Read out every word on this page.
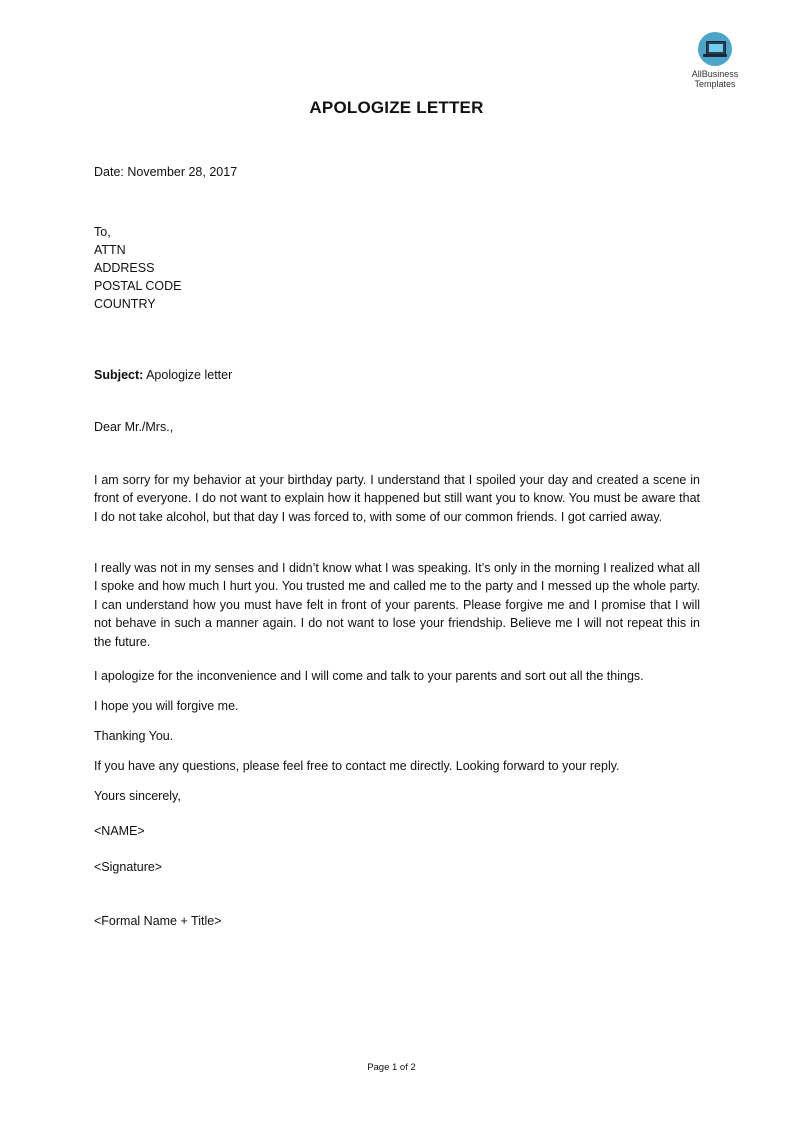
AllBusiness
Templates
APOLOGIZE LETTER
Date: November 28, 2017
To,
ATTN
ADDRESS
POSTAL CODE
COUNTRY
Subject: Apologize letter
Dear Mr./Mrs.,

I am sorry for my behavior at your birthday party. I understand that I spoiled your day and created a scene in front of everyone. I do not want to explain how it happened but still want you to know. You must be aware that I do not take alcohol, but that day I was forced to, with some of our common friends. I got carried away.

I really was not in my senses and I didn’t know what I was speaking. It’s only in the morning I realized what all I spoke and how much I hurt you. You trusted me and called me to the party and I messed up the whole party. I can understand how you must have felt in front of your parents. Please forgive me and I promise that I will not behave in such a manner again. I do not want to lose your friendship. Believe me I will not repeat this in the future.

I apologize for the inconvenience and I will come and talk to your parents and sort out all the things.
I hope you will forgive me.
Thanking You.
If you have any questions, please feel free to contact me directly. Looking forward to your reply.
Yours sincerely,
<NAME>
<Signature>
<Formal Name + Title>
Page 1 of 2
